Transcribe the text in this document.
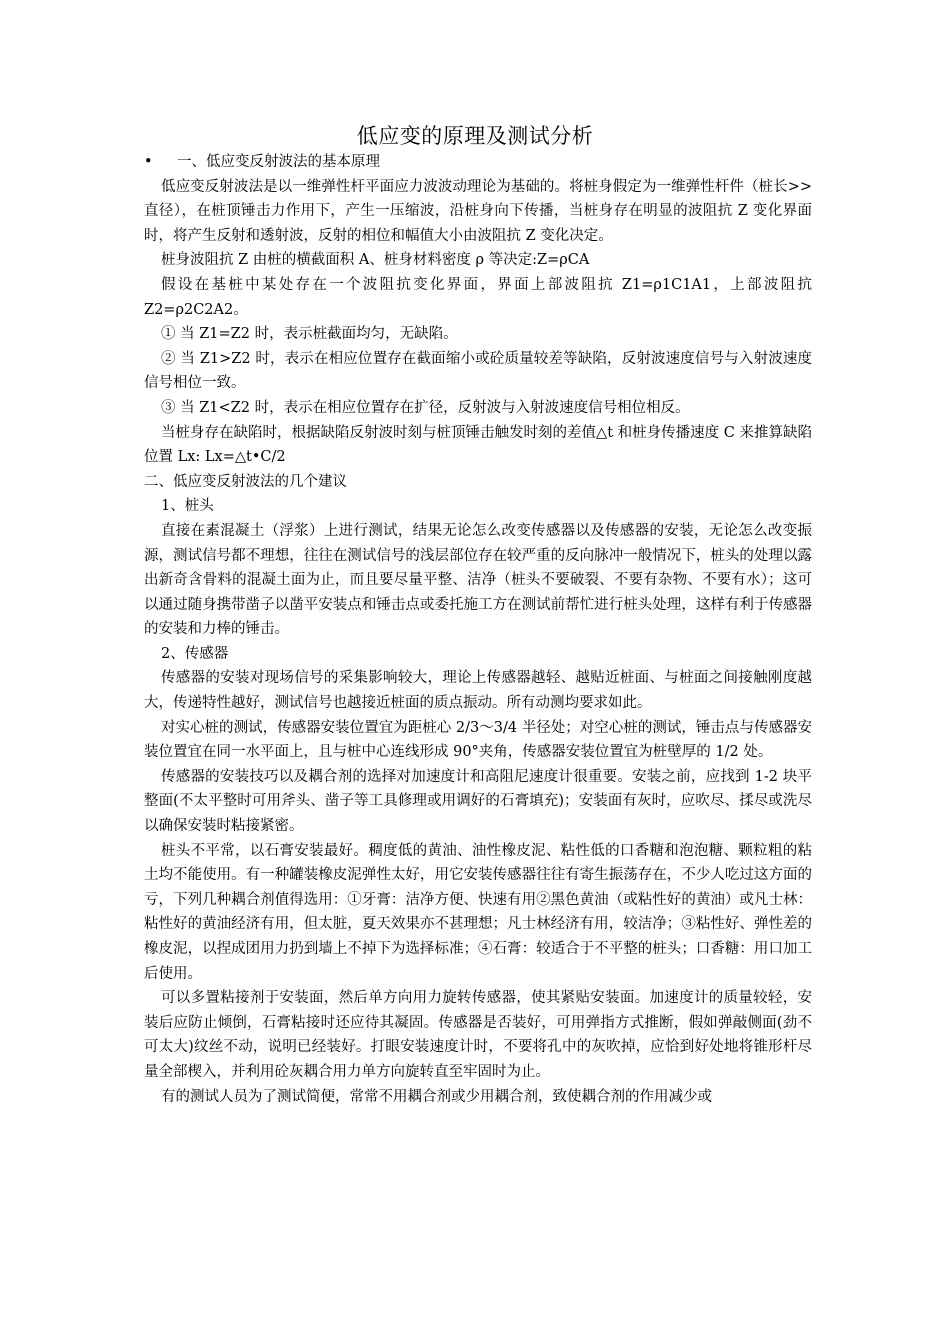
低应变的原理及测试分析
• 一、低应变反射波法的基本原理

低应变反射波法是以一维弹性杆平面应力波波动理论为基础的。将桩身假定为一维弹性杆件（桩长>>直径），在桩顶锤击力作用下，产生一压缩波，沿桩身向下传播，当桩身存在明显的波阻抗 Z 变化界面时，将产生反射和透射波，反射的相位和幅值大小由波阻抗 Z 变化决定。

桩身波阻抗 Z 由桩的横截面积 A、桩身材料密度 ρ 等决定:Z=ρCA

假设在基桩中某处存在一个波阻抗变化界面，界面上部波阻抗 Z1=ρ1C1A1，上部波阻抗 Z2=ρ2C2A2。

① 当 Z1=Z2 时，表示桩截面均匀，无缺陷。

② 当 Z1>Z2 时，表示在相应位置存在截面缩小或砼质量较差等缺陷，反射波速度信号与入射波速度信号相位一致。

③ 当 Z1<Z2 时，表示在相应位置存在扩径，反射波与入射波速度信号相位相反。

当桩身存在缺陷时，根据缺陷反射波时刻与桩顶锤击触发时刻的差值△t 和桩身传播速度 C 来推算缺陷位置 Lx: Lx=△t•C/2

二、低应变反射波法的几个建议

1、桩头

直接在素混凝土（浮浆）上进行测试，结果无论怎么改变传感器以及传感器的安装，无论怎么改变振源，测试信号都不理想，往往在测试信号的浅层部位存在较严重的反向脉冲一般情况下，桩头的处理以露出新奇含骨料的混凝土面为止，而且要尽量平整、洁净（桩头不要破裂、不要有杂物、不要有水）；这可以通过随身携带凿子以凿平安装点和锤击点或委托施工方在测试前帮忙进行桩头处理，这样有利于传感器的安装和力棒的锤击。

2、传感器

传感器的安装对现场信号的采集影响较大，理论上传感器越轻、越贴近桩面、与桩面之间接触刚度越大，传递特性越好，测试信号也越接近桩面的质点振动。所有动测均要求如此。

对实心桩的测试，传感器安装位置宜为距桩心 2/3～3/4 半径处；对空心桩的测试，锤击点与传感器安装位置宜在同一水平面上，且与桩中心连线形成 90°夹角，传感器安装位置宜为桩壁厚的 1/2 处。

传感器的安装技巧以及耦合剂的选择对加速度计和高阻尼速度计很重要。安装之前，应找到 1-2 块平整面(不太平整时可用斧头、凿子等工具修理或用调好的石膏填充)；安装面有灰时，应吹尽、揉尽或洗尽以确保安装时粘接紧密。

桩头不平常，以石膏安装最好。稠度低的黄油、油性橡皮泥、粘性低的口香糖和泡泡糖、颗粒粗的粘土均不能使用。有一种罐装橡皮泥弹性太好，用它安装传感器往往有寄生振荡存在，不少人吃过这方面的亏，下列几种耦合剂值得选用：①牙膏：洁净方便、快速有用②黑色黄油（或粘性好的黄油）或凡士林：粘性好的黄油经济有用，但太脏，夏天效果亦不甚理想；凡士林经济有用，较洁净；③粘性好、弹性差的橡皮泥，以捏成团用力扔到墙上不掉下为选择标准；④石膏：较适合于不平整的桩头；口香糖：用口加工后使用。

可以多置粘接剂于安装面，然后单方向用力旋转传感器，使其紧贴安装面。加速度计的质量较轻，安装后应防止倾倒，石膏粘接时还应待其凝固。传感器是否装好，可用弹指方式推断，假如弹敲侧面(劲不可太大)纹丝不动，说明已经装好。打眼安装速度计时，不要将孔中的灰吹掉，应恰到好处地将锥形杆尽量全部楔入，并利用砼灰耦合用力单方向旋转直至牢固时为止。

有的测试人员为了测试简便，常常不用耦合剂或少用耦合剂，致使耦合剂的作用减少或
